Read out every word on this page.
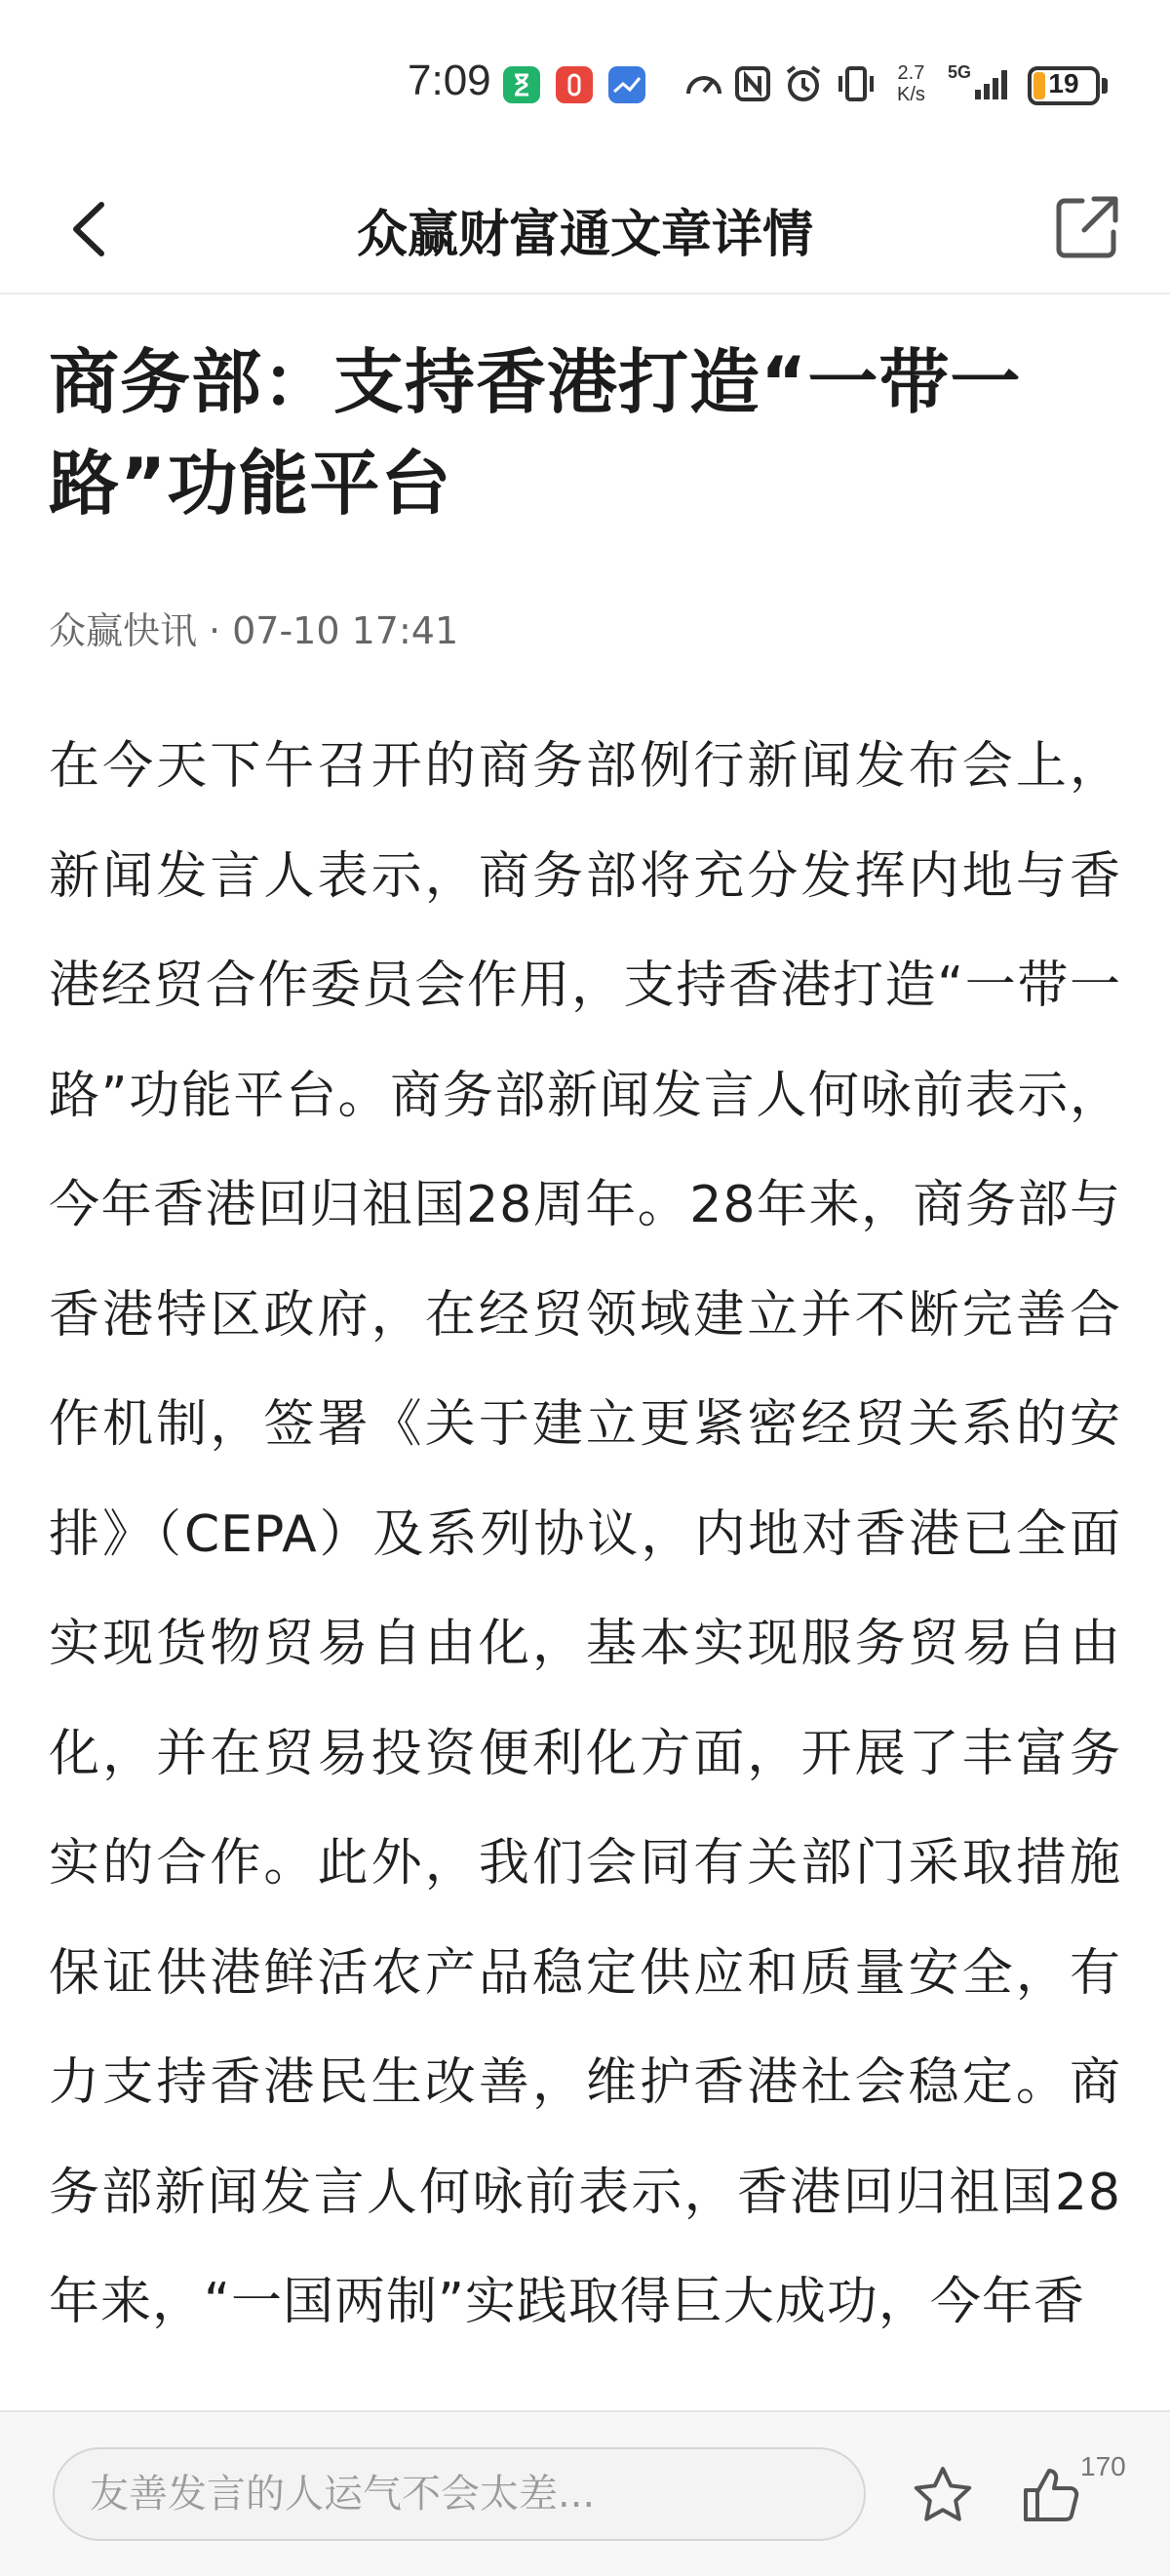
7:09	2.7
K/s
5G	19
众赢财富通文章详情
商务部：支持香港打造“一带一路”功能平台
众赢快讯 · 07-10 17:41
在今天下午召开的商务部例行新闻发布会上，新闻发言人表示，商务部将充分发挥内地与香港经贸合作委员会作用，支持香港打造“一带一路”功能平台。商务部新闻发言人何咏前表示，今年香港回归祖国28周年。28年来，商务部与香港特区政府，在经贸领域建立并不断完善合作机制，签署《关于建立更紧密经贸关系的安排》（CEPA）及系列协议，内地对香港已全面实现货物贸易自由化，基本实现服务贸易自由化，并在贸易投资便利化方面，开展了丰富务实的合作。此外，我们会同有关部门采取措施保证供港鲜活农产品稳定供应和质量安全，有力支持香港民生改善，维护香港社会稳定。商务部新闻发言人何咏前表示，香港回归祖国28年来，“一国两制”实践取得巨大成功，今年香
友善发言的人运气不会太差...
170
